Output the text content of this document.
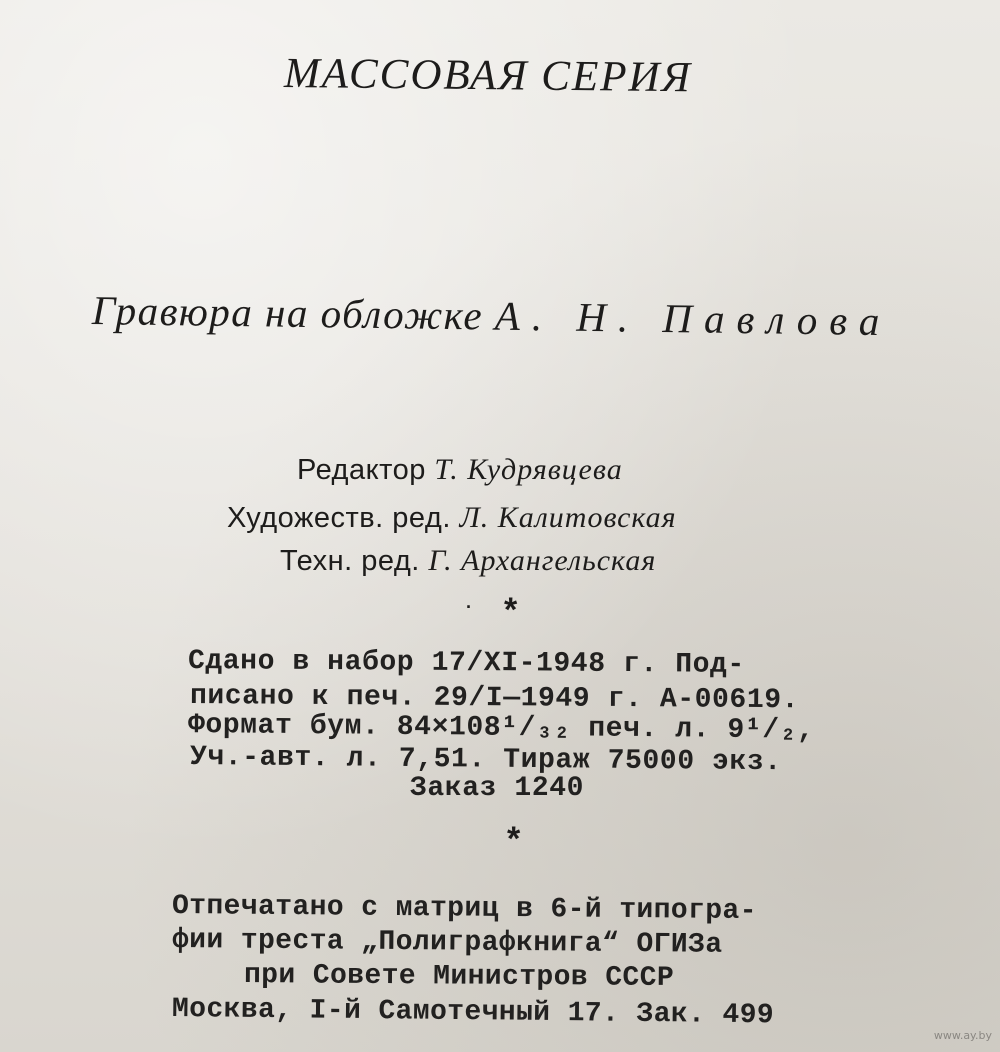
МАССОВАЯ СЕРИЯ

Гравюра на обложке А. Н. Павлова

Редактор Т. Кудрявцева

Художеств. ред. Л. Калитовская

Техн. ред. Г. Архангельская

· *

Сдано в набор 17/XI-1948 г. Под-

писано к печ. 29/I—1949 г. А-00619.

Формат бум. 84×108¹/₃₂ печ. л. 9¹/₂,

Уч.-авт. л. 7,51. Тираж 75000 экз.

Заказ 1240

*

Отпечатано с матриц в 6-й типогра-

фии треста „Полиграфкнига“ ОГИЗа

при Совете Министров СССР

Москва, I-й Самотечный 17. Зак. 499

www.ay.by
